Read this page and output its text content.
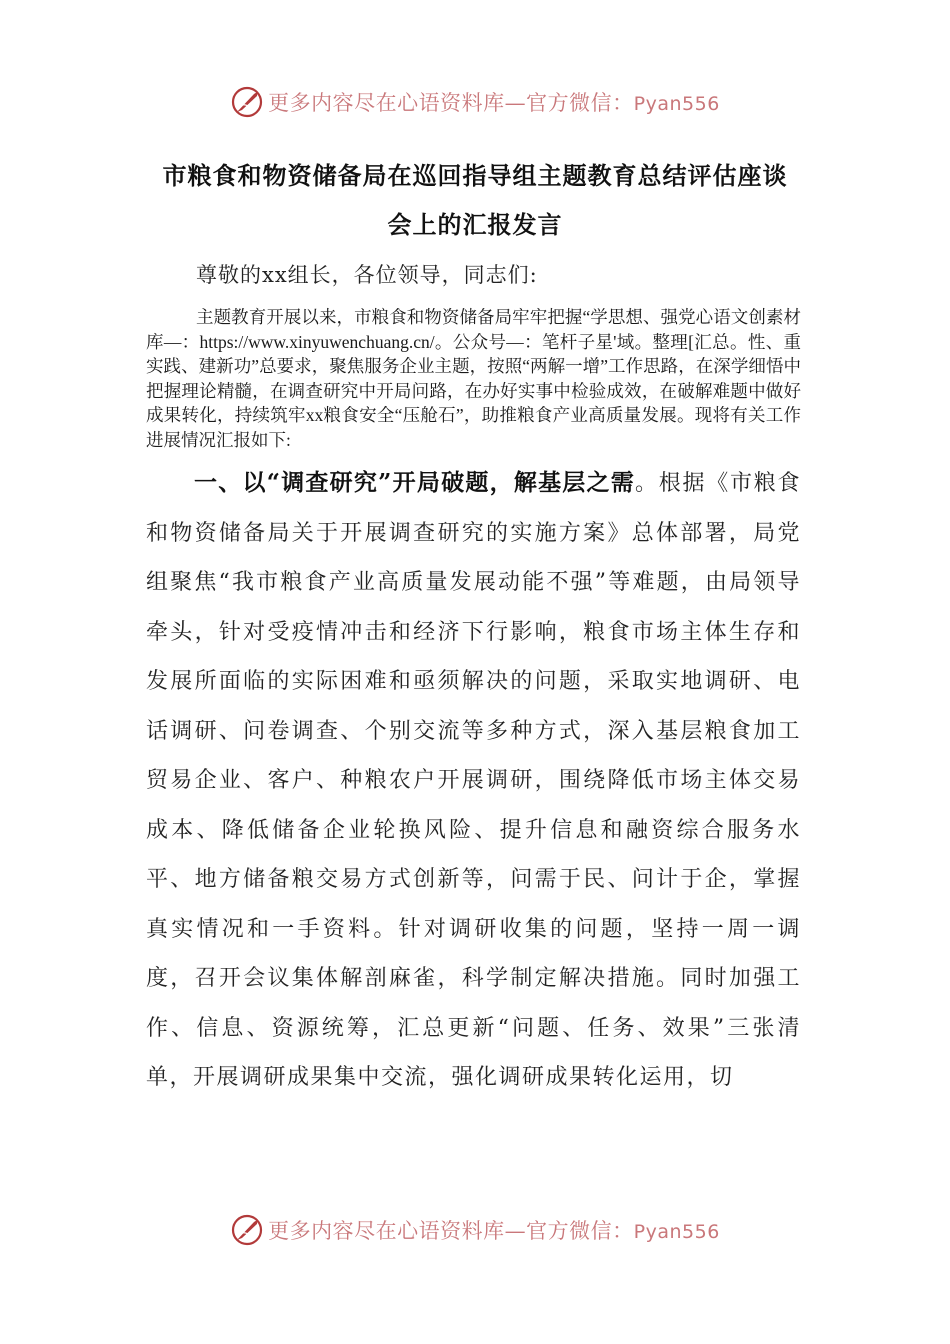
更多内容尽在心语资料库—官方微信：Pyan556
市粮食和物资储备局在巡回指导组主题教育总结评估座谈
会上的汇报发言

尊敬的xx组长，各位领导，同志们:

主题教育开展以来，市粮食和物资储备局牢牢把握“学思想、强党心语文创素材库—：https://www.xinyuwenchuang.cn/。公众号—：笔杆子星'域。整理[汇总。性、重实践、建新功”总要求，聚焦服务企业主题，按照“两解一增”工作思路，在深学细悟中把握理论精髓，在调查研究中开局问路，在办好实事中检验成效，在破解难题中做好成果转化，持续筑牢xx粮食安全“压舱石”，助推粮食产业高质量发展。现将有关工作进展情况汇报如下:

一、以“调查研究”开局破题，解基层之需。根据《市粮食和物资储备局关于开展调查研究的实施方案》总体部署，局党组聚焦“我市粮食产业高质量发展动能不强”等难题，由局领导牵头，针对受疫情冲击和经济下行影响，粮食市场主体生存和发展所面临的实际困难和亟须解决的问题，采取实地调研、电话调研、问卷调查、个别交流等多种方式，深入基层粮食加工贸易企业、客户、种粮农户开展调研，围绕降低市场主体交易成本、降低储备企业轮换风险、提升信息和融资综合服务水平、地方储备粮交易方式创新等，问需于民、问计于企，掌握真实情况和一手资料。针对调研收集的问题，坚持一周一调度，召开会议集体解剖麻雀，科学制定解决措施。同时加强工作、信息、资源统筹，汇总更新“问题、任务、效果”三张清单，开展调研成果集中交流，强化调研成果转化运用，切

更多内容尽在心语资料库—官方微信：Pyan556
